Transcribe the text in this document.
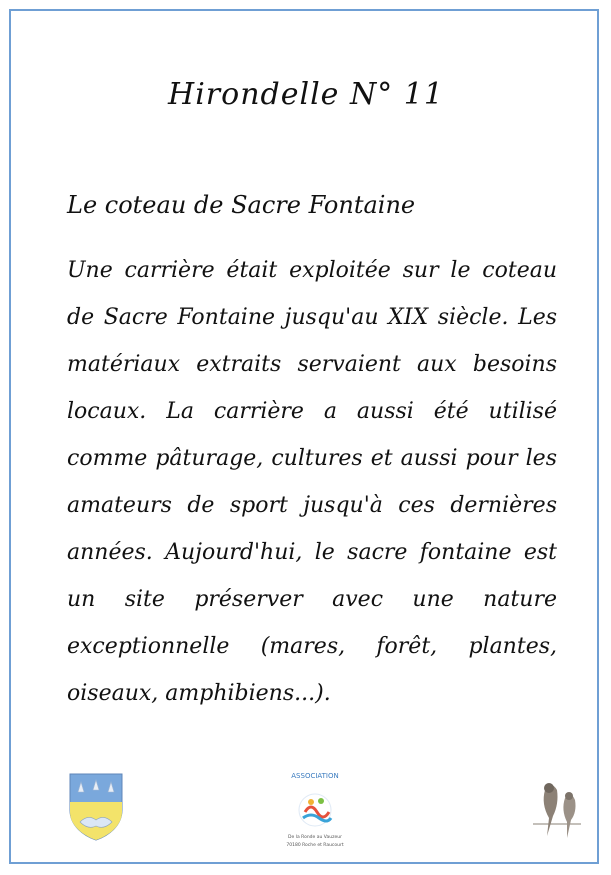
Hirondelle N° 11
Le coteau de Sacre Fontaine
Une carrière était exploitée sur le coteau de Sacre Fontaine jusqu'au XIX siècle. Les matériaux extraits servaient aux besoins locaux. La carrière a aussi été utilisé comme pâturage, cultures et aussi pour les amateurs de sport jusqu'à ces dernières années. Aujourd'hui, le sacre fontaine est un site préserver avec une nature exceptionnelle (mares, forêt, plantes, oiseaux, amphibiens...).
ASSOCIATION
De la Ronde au Vauzeur
70180 Roche et Raucourt
